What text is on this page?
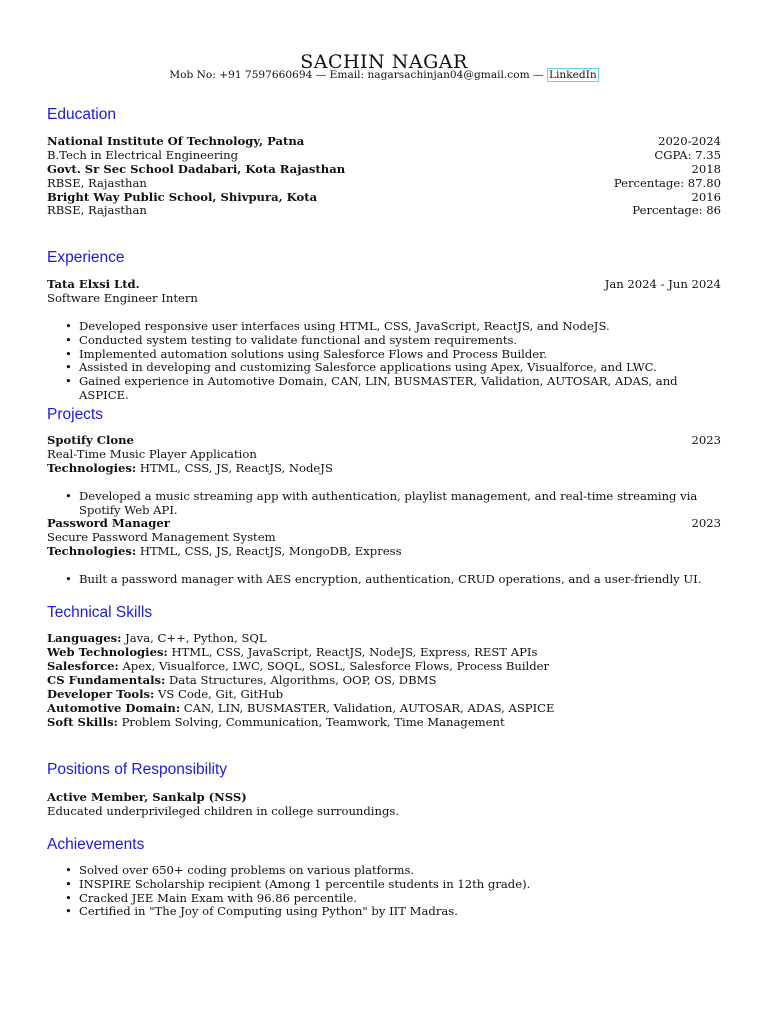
SACHIN NAGAR
Mob No: +91 7597660694 — Email: nagarsachinjan04@gmail.com — LinkedIn
Education
National Institute Of Technology, Patna	2020-2024
B.Tech in Electrical Engineering	CGPA: 7.35
Govt. Sr Sec School Dadabari, Kota Rajasthan	2018
RBSE, Rajasthan	Percentage: 87.80
Bright Way Public School, Shivpura, Kota	2016
RBSE, Rajasthan	Percentage: 86
Experience
Tata Elxsi Ltd.	Jan 2024 - Jun 2024
Software Engineer Intern
• Developed responsive user interfaces using HTML, CSS, JavaScript, ReactJS, and NodeJS.
• Conducted system testing to validate functional and system requirements.
• Implemented automation solutions using Salesforce Flows and Process Builder.
• Assisted in developing and customizing Salesforce applications using Apex, Visualforce, and LWC.
• Gained experience in Automotive Domain, CAN, LIN, BUSMASTER, Validation, AUTOSAR, ADAS, and ASPICE.
Projects
Spotify Clone	2023
Real-Time Music Player Application
Technologies: HTML, CSS, JS, ReactJS, NodeJS
• Developed a music streaming app with authentication, playlist management, and real-time streaming via Spotify Web API.
Password Manager	2023
Secure Password Management System
Technologies: HTML, CSS, JS, ReactJS, MongoDB, Express
• Built a password manager with AES encryption, authentication, CRUD operations, and a user-friendly UI.
Technical Skills
Languages: Java, C++, Python, SQL
Web Technologies: HTML, CSS, JavaScript, ReactJS, NodeJS, Express, REST APIs
Salesforce: Apex, Visualforce, LWC, SOQL, SOSL, Salesforce Flows, Process Builder
CS Fundamentals: Data Structures, Algorithms, OOP, OS, DBMS
Developer Tools: VS Code, Git, GitHub
Automotive Domain: CAN, LIN, BUSMASTER, Validation, AUTOSAR, ADAS, ASPICE
Soft Skills: Problem Solving, Communication, Teamwork, Time Management
Positions of Responsibility
Active Member, Sankalp (NSS)
Educated underprivileged children in college surroundings.
Achievements
• Solved over 650+ coding problems on various platforms.
• INSPIRE Scholarship recipient (Among 1 percentile students in 12th grade).
• Cracked JEE Main Exam with 96.86 percentile.
• Certified in "The Joy of Computing using Python" by IIT Madras.
